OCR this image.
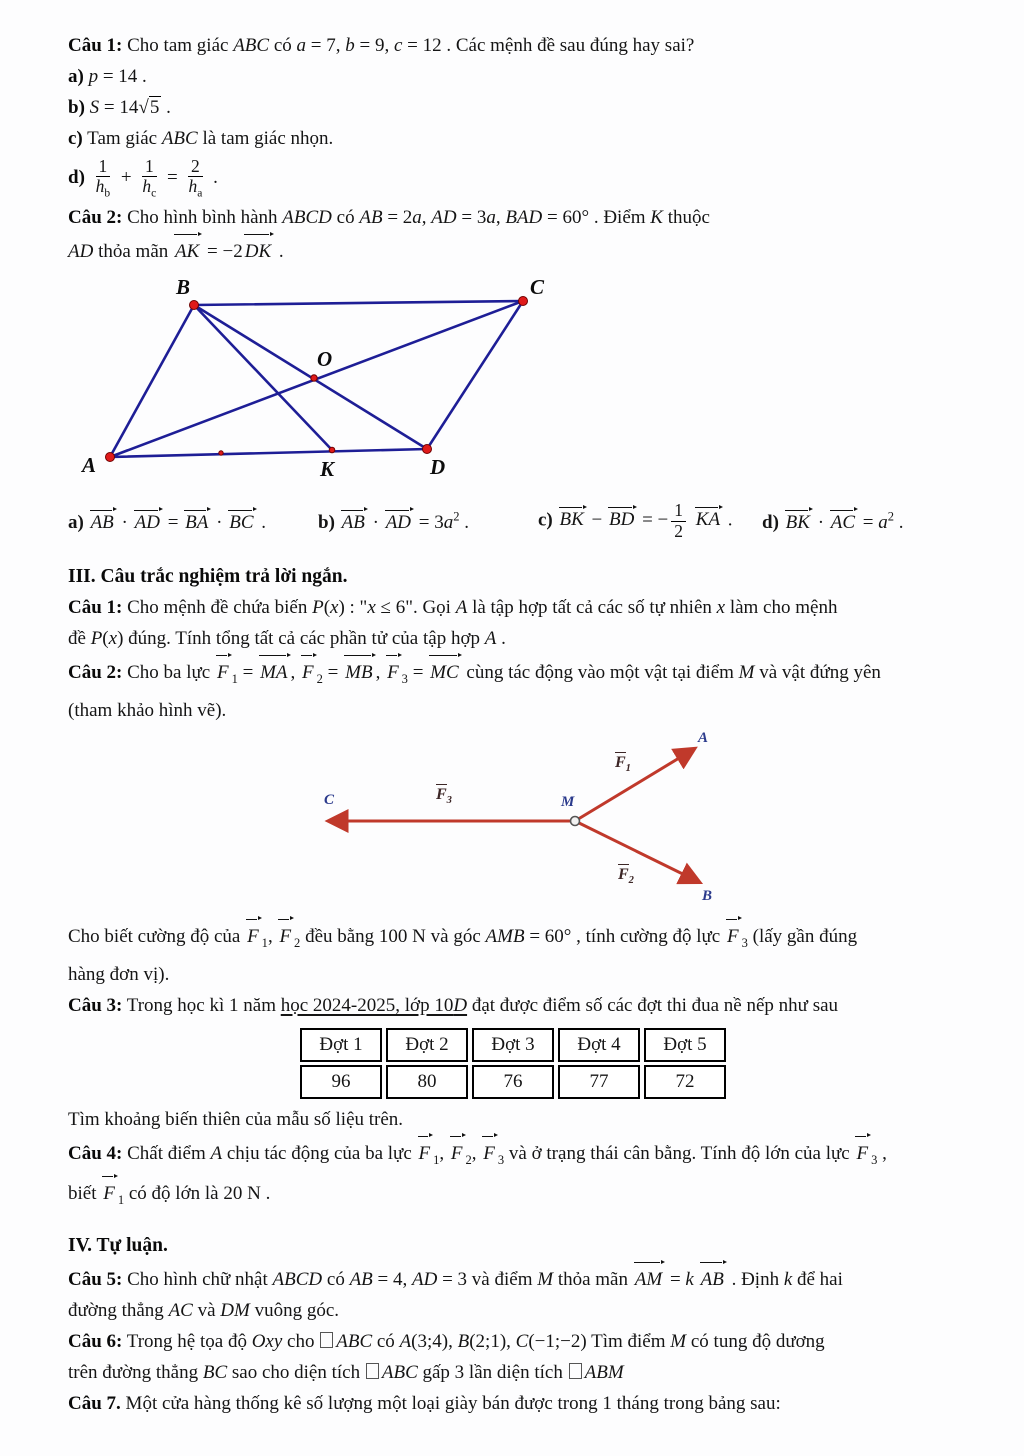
Câu 1: Cho tam giác ABC có a = 7, b = 9, c = 12 . Các mệnh đề sau đúng hay sai?

a) p = 14 .

b) S = 14√5 .

c) Tam giác ABC là tam giác nhọn.

$d) \frac{1}{h_b} + \frac{1}{h_c} = \frac{2}{h_a}$ .

Câu 2: Cho hình bình hành ABCD có AB = 2a, AD = 3a, BAD = 60° . Điểm K thuộc

AD thỏa mãn AK = −2 DK .

A
B	C
D
K
O
a) AB · AD = BA · BC .	b) AB · AD = $3a^2$ .	c) BK − BD = − $\frac{1}{2}$ KA .	d) BK · AC = $a^2$ .

III. Câu trắc nghiệm trả lời ngắn.

Câu 1: Cho mệnh đề chứa biến P(x) : "x ≤ 6". Gọi A là tập hợp tất cả các số tự nhiên x làm cho mệnh

đề P(x) đúng. Tính tổng tất cả các phần tử của tập hợp A .

Câu 2: Cho ba lực F $_1$ = MA , F $_2$ = MB , F $_3$ = MC cùng tác động vào một vật tại điểm M và vật đứng yên

(tham khảo hình vẽ).

A
B
C	M
$F_1$
$F_2$
$F_3$

Cho biết cường độ của F $_1$, F $_2$ đều bằng 100 N và góc AMB = 60° , tính cường độ lực F $_3$ (lấy gần đúng

hàng đơn vị).

Câu 3: Trong học kì 1 năm học 2024-2025, lớp 10D đạt được điểm số các đợt thi đua nề nếp như sau

Đợt 1	Đợt 2	Đợt 3	Đợt 4	Đợt 5
96	80	76	77	72

Tìm khoảng biến thiên của mẫu số liệu trên.

Câu 4: Chất điểm A chịu tác động của ba lực F $_1$, F $_2$, F $_3$ và ở trạng thái cân bằng. Tính độ lớn của lực F $_3$ ,

biết F $_1$ có độ lớn là 20 N .

IV. Tự luận.

Câu 5: Cho hình chữ nhật ABCD có AB = 4, AD = 3 và điểm M thỏa mãn AM = k AB . Định k để hai

đường thẳng AC và DM vuông góc.

Câu 6: Trong hệ tọa độ Oxy cho ABC có A(3;4), B(2;1), C(−1;−2) Tìm điểm M có tung độ dương

trên đường thẳng BC sao cho diện tích ABC gấp 3 lần diện tích ABM

Câu 7. Một cửa hàng thống kê số lượng một loại giày bán được trong 1 tháng trong bảng sau:
